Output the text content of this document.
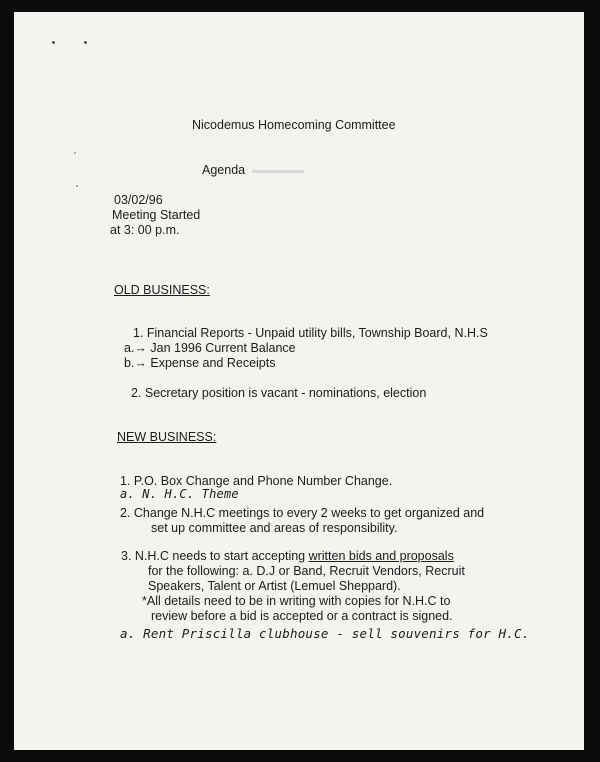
Nicodemus Homecoming Committee
Agenda
03/02/96
Meeting Started
at 3: 00 p.m.
OLD BUSINESS:
1. Financial Reports - Unpaid utility bills, Township Board, N.H.S
a.→ Jan 1996 Current Balance
b.→ Expense and Receipts
2. Secretary position is vacant - nominations, election
NEW BUSINESS:
1. P.O. Box Change and Phone Number Change.
a. N. H.C. Theme
2. Change N.H.C meetings to every 2 weeks to get organized and
set up committee and areas of responsibility.
3. N.H.C needs to start accepting written bids and proposals
for the following: a. D.J or Band, Recruit Vendors, Recruit
Speakers, Talent or Artist (Lemuel Sheppard).
*All details need to be in writing with copies for N.H.C to
review before a bid is accepted or a contract is signed.
a. Rent Priscilla clubhouse - sell souvenirs for H.C.
